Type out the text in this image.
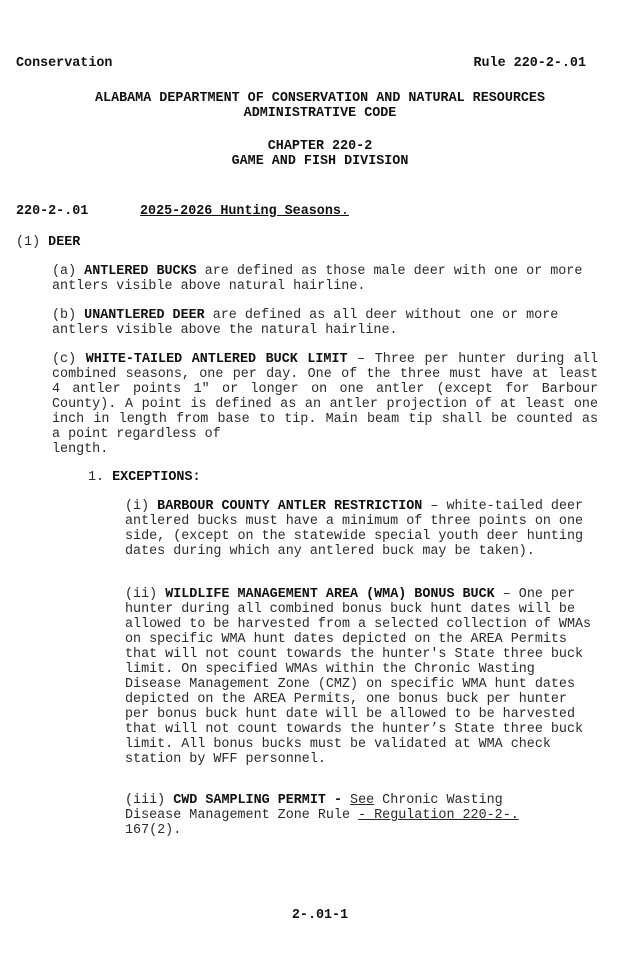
Conservation	Rule 220-2-.01
ALABAMA DEPARTMENT OF CONSERVATION AND NATURAL RESOURCES
ADMINISTRATIVE CODE
CHAPTER 220-2
GAME AND FISH DIVISION
220-2-.01	2025-2026 Hunting Seasons.
(1) DEER
(a) ANTLERED BUCKS are defined as those male deer with one or more antlers visible above natural hairline.
(b) UNANTLERED DEER are defined as all deer without one or more antlers visible above the natural hairline.
(c) WHITE-TAILED ANTLERED BUCK LIMIT – Three per hunter during all combined seasons, one per day. One of the three must have at least 4 antler points 1" or longer on one antler (except for Barbour County). A point is defined as an antler projection of at least one inch in length from base to tip. Main beam tip shall be counted as a point regardless of
length.
1. EXCEPTIONS:
(i) BARBOUR COUNTY ANTLER RESTRICTION – white-tailed deer antlered bucks must have a minimum of three points on one side, (except on the statewide special youth deer hunting dates during which any antlered buck may be taken).
(ii) WILDLIFE MANAGEMENT AREA (WMA) BONUS BUCK – One per hunter during all combined bonus buck hunt dates will be allowed to be harvested from a selected collection of WMAs on specific WMA hunt dates depicted on the AREA Permits that will not count towards the hunter's State three buck limit. On specified WMAs within the Chronic Wasting Disease Management Zone (CMZ) on specific WMA hunt dates depicted on the AREA Permits, one bonus buck per hunter per bonus buck hunt date will be allowed to be harvested that will not count towards the hunter’s State three buck limit. All bonus bucks must be validated at WMA check station by WFF personnel.
(iii) CWD SAMPLING PERMIT - See Chronic Wasting Disease Management Zone Rule - Regulation 220-2-.
167(2).
2-.01-1
